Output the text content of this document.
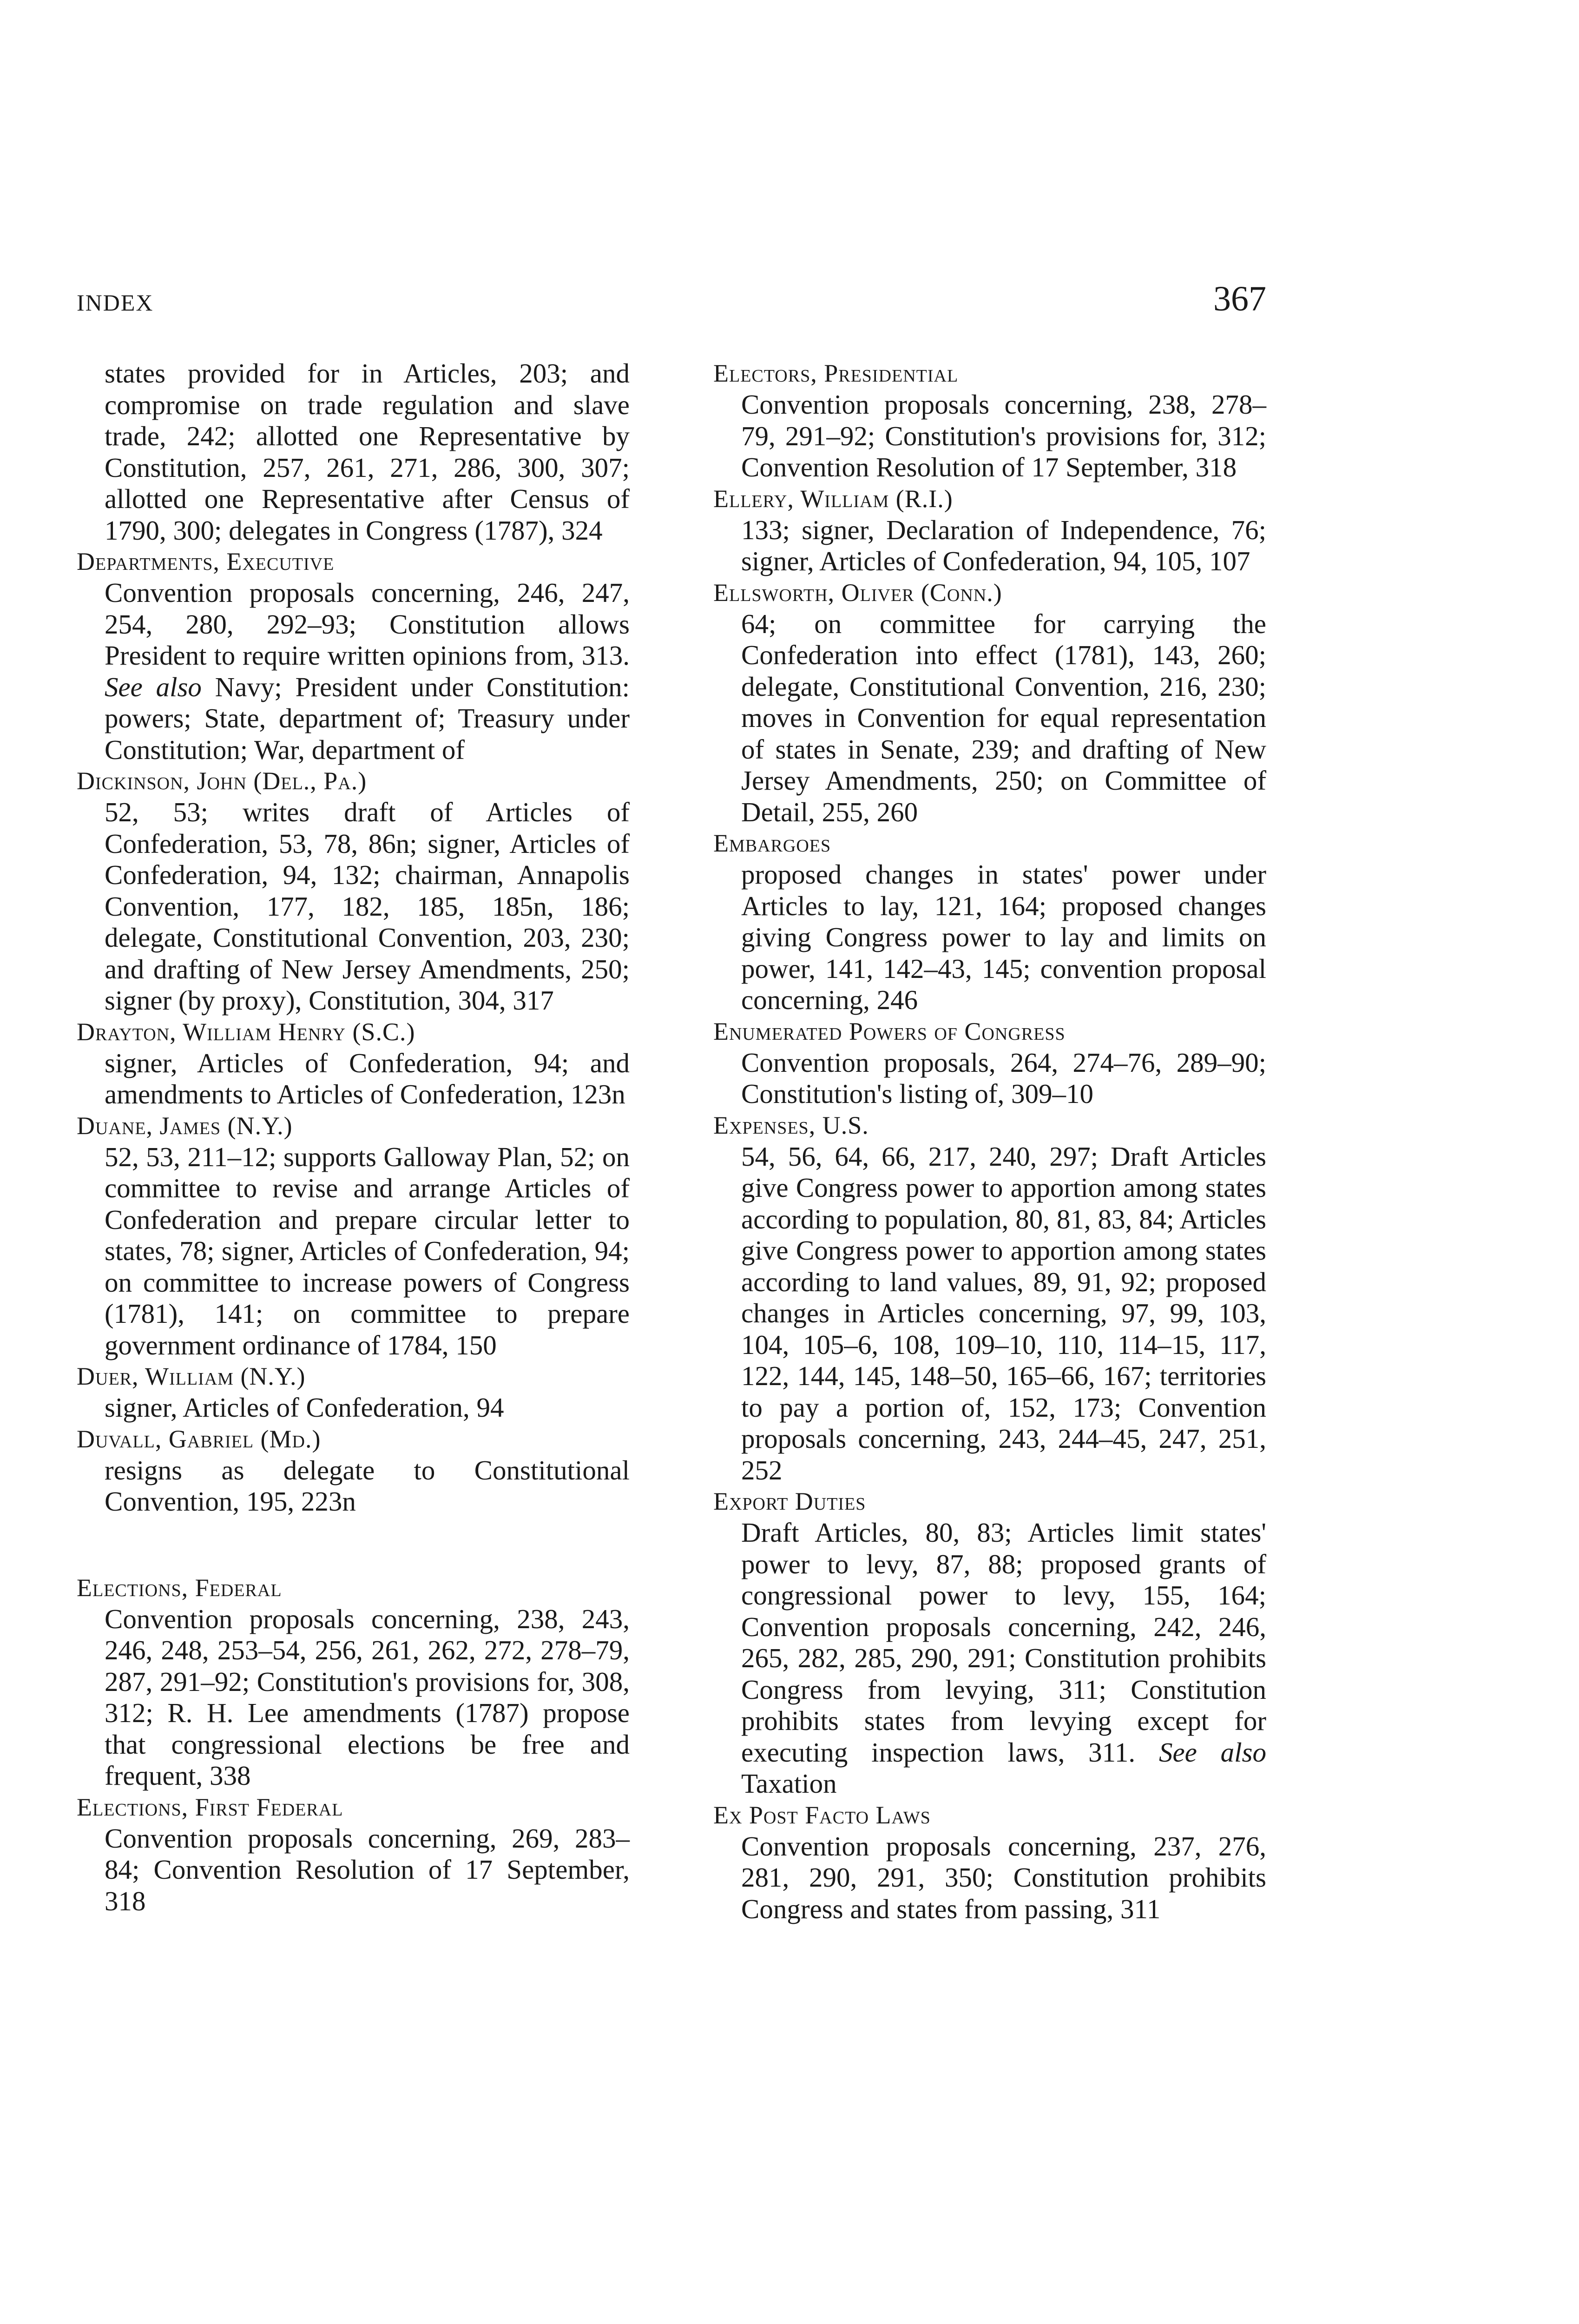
INDEX	367
states provided for in Articles, 203; and compromise on trade regulation and slave trade, 242; allotted one Representative by Constitution, 257, 261, 271, 286, 300, 307; allotted one Representative after Census of 1790, 300; delegates in Congress (1787), 324
Departments, Executive
Convention proposals concerning, 246, 247, 254, 280, 292–93; Constitution allows President to require written opinions from, 313. See also Navy; President under Constitution: powers; State, department of; Treasury under Constitution; War, department of
Dickinson, John (Del., Pa.)
52, 53; writes draft of Articles of Confederation, 53, 78, 86n; signer, Articles of Confederation, 94, 132; chairman, Annapolis Convention, 177, 182, 185, 185n, 186; delegate, Constitutional Convention, 203, 230; and drafting of New Jersey Amendments, 250; signer (by proxy), Constitution, 304, 317
Drayton, William Henry (S.C.)
signer, Articles of Confederation, 94; and amendments to Articles of Confederation, 123n
Duane, James (N.Y.)
52, 53, 211–12; supports Galloway Plan, 52; on committee to revise and arrange Articles of Confederation and prepare circular letter to states, 78; signer, Articles of Confederation, 94; on committee to increase powers of Congress (1781), 141; on committee to prepare government ordinance of 1784, 150
Duer, William (N.Y.)
signer, Articles of Confederation, 94
Duvall, Gabriel (Md.)
resigns as delegate to Constitutional Convention, 195, 223n
Elections, Federal
Convention proposals concerning, 238, 243, 246, 248, 253–54, 256, 261, 262, 272, 278–79, 287, 291–92; Constitution's provisions for, 308, 312; R. H. Lee amendments (1787) propose that congressional elections be free and frequent, 338
Elections, First Federal
Convention proposals concerning, 269, 283–84; Convention Resolution of 17 September, 318
Electors, Presidential
Convention proposals concerning, 238, 278–79, 291–92; Constitution's provisions for, 312; Convention Resolution of 17 September, 318
Ellery, William (R.I.)
133; signer, Declaration of Independence, 76; signer, Articles of Confederation, 94, 105, 107
Ellsworth, Oliver (Conn.)
64; on committee for carrying the Confederation into effect (1781), 143, 260; delegate, Constitutional Convention, 216, 230; moves in Convention for equal representation of states in Senate, 239; and drafting of New Jersey Amendments, 250; on Committee of Detail, 255, 260
Embargoes
proposed changes in states' power under Articles to lay, 121, 164; proposed changes giving Congress power to lay and limits on power, 141, 142–43, 145; convention proposal concerning, 246
Enumerated Powers of Congress
Convention proposals, 264, 274–76, 289–90; Constitution's listing of, 309–10
Expenses, U.S.
54, 56, 64, 66, 217, 240, 297; Draft Articles give Congress power to apportion among states according to population, 80, 81, 83, 84; Articles give Congress power to apportion among states according to land values, 89, 91, 92; proposed changes in Articles concerning, 97, 99, 103, 104, 105–6, 108, 109–10, 110, 114–15, 117, 122, 144, 145, 148–50, 165–66, 167; territories to pay a portion of, 152, 173; Convention proposals concerning, 243, 244–45, 247, 251, 252
Export Duties
Draft Articles, 80, 83; Articles limit states' power to levy, 87, 88; proposed grants of congressional power to levy, 155, 164; Convention proposals concerning, 242, 246, 265, 282, 285, 290, 291; Constitution prohibits Congress from levying, 311; Constitution prohibits states from levying except for executing inspection laws, 311. See also Taxation
Ex Post Facto Laws
Convention proposals concerning, 237, 276, 281, 290, 291, 350; Constitution prohibits Congress and states from passing, 311
